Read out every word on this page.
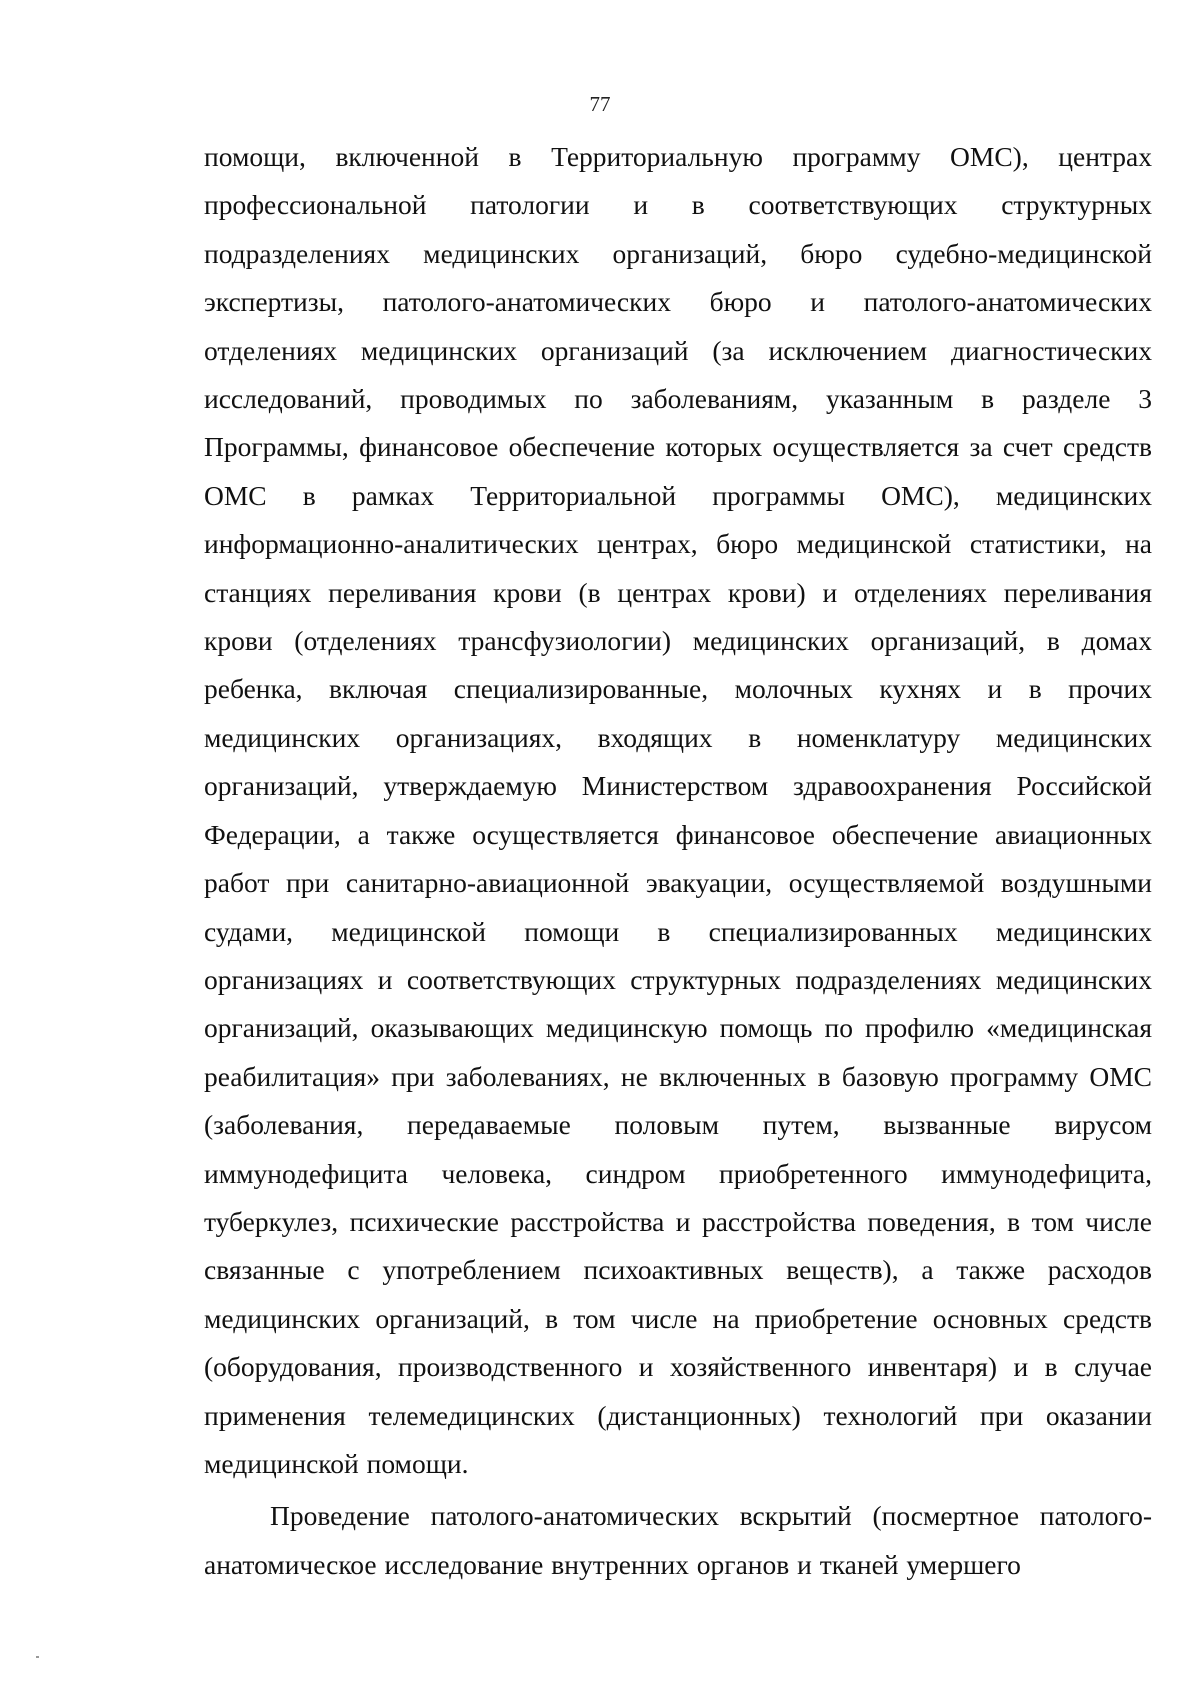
77

помощи, включенной в Территориальную программу ОМС), центрах профессиональной патологии и в соответствующих структурных подразделениях медицинских организаций, бюро судебно-медицинской экспертизы, патолого-анатомических бюро и патолого-анатомических отделениях медицинских организаций (за исключением диагностических исследований, проводимых по заболеваниям, указанным в разделе 3 Программы, финансовое обеспечение которых осуществляется за счет средств ОМС в рамках Территориальной программы ОМС), медицинских информационно-аналитических центрах, бюро медицинской статистики, на станциях переливания крови (в центрах крови) и отделениях переливания крови (отделениях трансфузиологии) медицинских организаций, в домах ребенка, включая специализированные, молочных кухнях и в прочих медицинских организациях, входящих в номенклатуру медицинских организаций, утверждаемую Министерством здравоохранения Российской Федерации, а также осуществляется финансовое обеспечение авиационных работ при санитарно-авиационной эвакуации, осуществляемой воздушными судами, медицинской помощи в специализированных медицинских организациях и соответствующих структурных подразделениях медицинских организаций, оказывающих медицинскую помощь по профилю «медицинская реабилитация» при заболеваниях, не включенных в базовую программу ОМС (заболевания, передаваемые половым путем, вызванные вирусом иммунодефицита человека, синдром приобретенного иммунодефицита, туберкулез, психические расстройства и расстройства поведения, в том числе связанные с употреблением психоактивных веществ), а также расходов медицинских организаций, в том числе на приобретение основных средств (оборудования, производственного и хозяйственного инвентаря) и в случае применения телемедицинских (дистанционных) технологий при оказании медицинской помощи.

Проведение патолого-анатомических вскрытий (посмертное патолого-анатомическое исследование внутренних органов и тканей умершего
